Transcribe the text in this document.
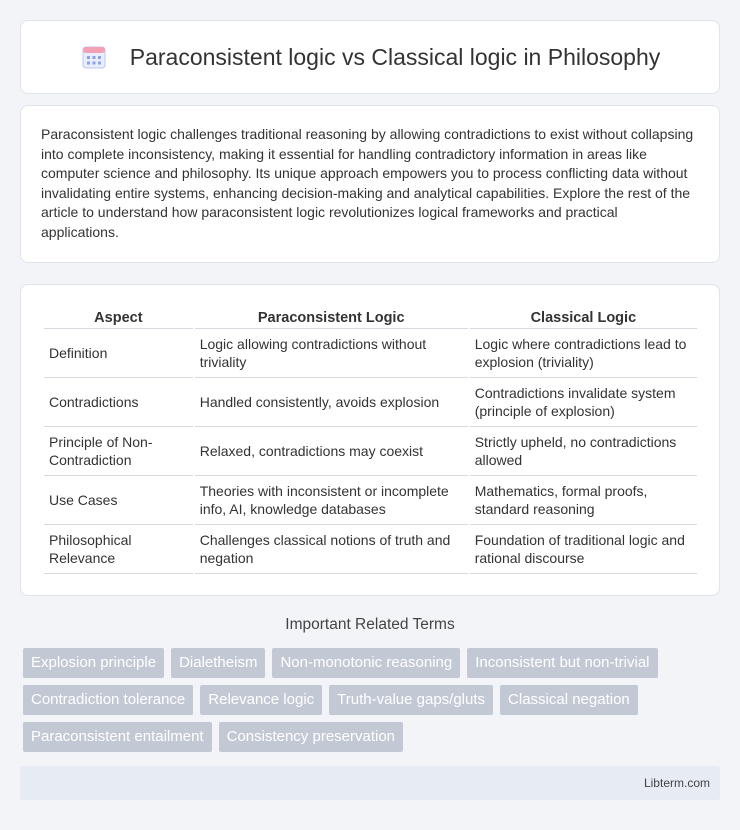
Paraconsistent logic vs Classical logic in Philosophy

Paraconsistent logic challenges traditional reasoning by allowing contradictions to exist without collapsing into complete inconsistency, making it essential for handling contradictory information in areas like computer science and philosophy. Its unique approach empowers you to process conflicting data without invalidating entire systems, enhancing decision-making and analytical capabilities. Explore the rest of the article to understand how paraconsistent logic revolutionizes logical frameworks and practical applications.

Aspect	Paraconsistent Logic	Classical Logic
Definition	Logic allowing contradictions without triviality	Logic where contradictions lead to explosion (triviality)
Contradictions	Handled consistently, avoids explosion	Contradictions invalidate system (principle of explosion)
Principle of Non-Contradiction	Relaxed, contradictions may coexist	Strictly upheld, no contradictions allowed
Use Cases	Theories with inconsistent or incomplete info, AI, knowledge databases	Mathematics, formal proofs, standard reasoning
Philosophical Relevance	Challenges classical notions of truth and negation	Foundation of traditional logic and rational discourse
Important Related Terms
Explosion principle	Dialetheism	Non-monotonic reasoning	Inconsistent but non-trivial
Contradiction tolerance	Relevance logic	Truth-value gaps/gluts	Classical negation
Paraconsistent entailment	Consistency preservation
Libterm.com
